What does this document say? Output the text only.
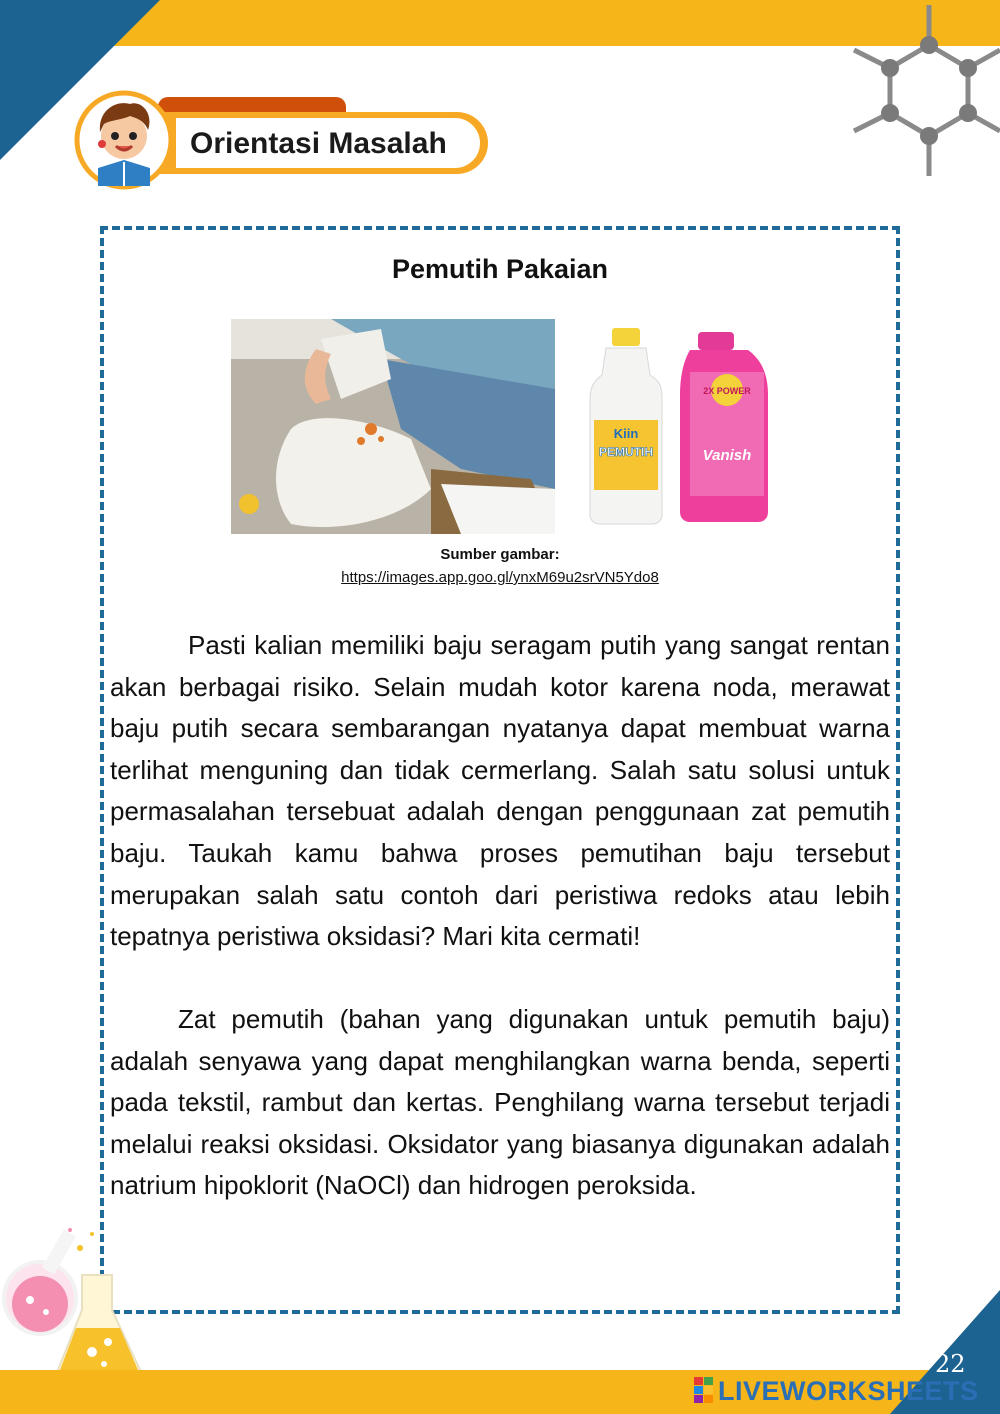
Orientasi Masalah
Pemutih Pakaian
Kiin
PEMUTIH
2X POWER
Vanish
Sumber gambar:
https://images.app.goo.gl/ynxM69u2srVN5Ydo8

Pasti kalian memiliki baju seragam putih yang sangat rentan akan berbagai risiko. Selain mudah kotor karena noda, merawat baju putih secara sembarangan nyatanya dapat membuat warna terlihat menguning dan tidak cermerlang. Salah satu solusi untuk permasalahan tersebuat adalah dengan penggunaan zat pemutih baju. Taukah kamu bahwa proses pemutihan baju tersebut merupakan salah satu contoh dari peristiwa redoks atau lebih tepatnya peristiwa oksidasi? Mari kita cermati!

Zat pemutih (bahan yang digunakan untuk pemutih baju) adalah senyawa yang dapat menghilangkan warna benda, seperti pada tekstil, rambut dan kertas. Penghilang warna tersebut terjadi melalui reaksi oksidasi. Oksidator yang biasanya digunakan adalah natrium hipoklorit (NaOCl) dan hidrogen peroksida.

22
LIVEWORKSHEETS
